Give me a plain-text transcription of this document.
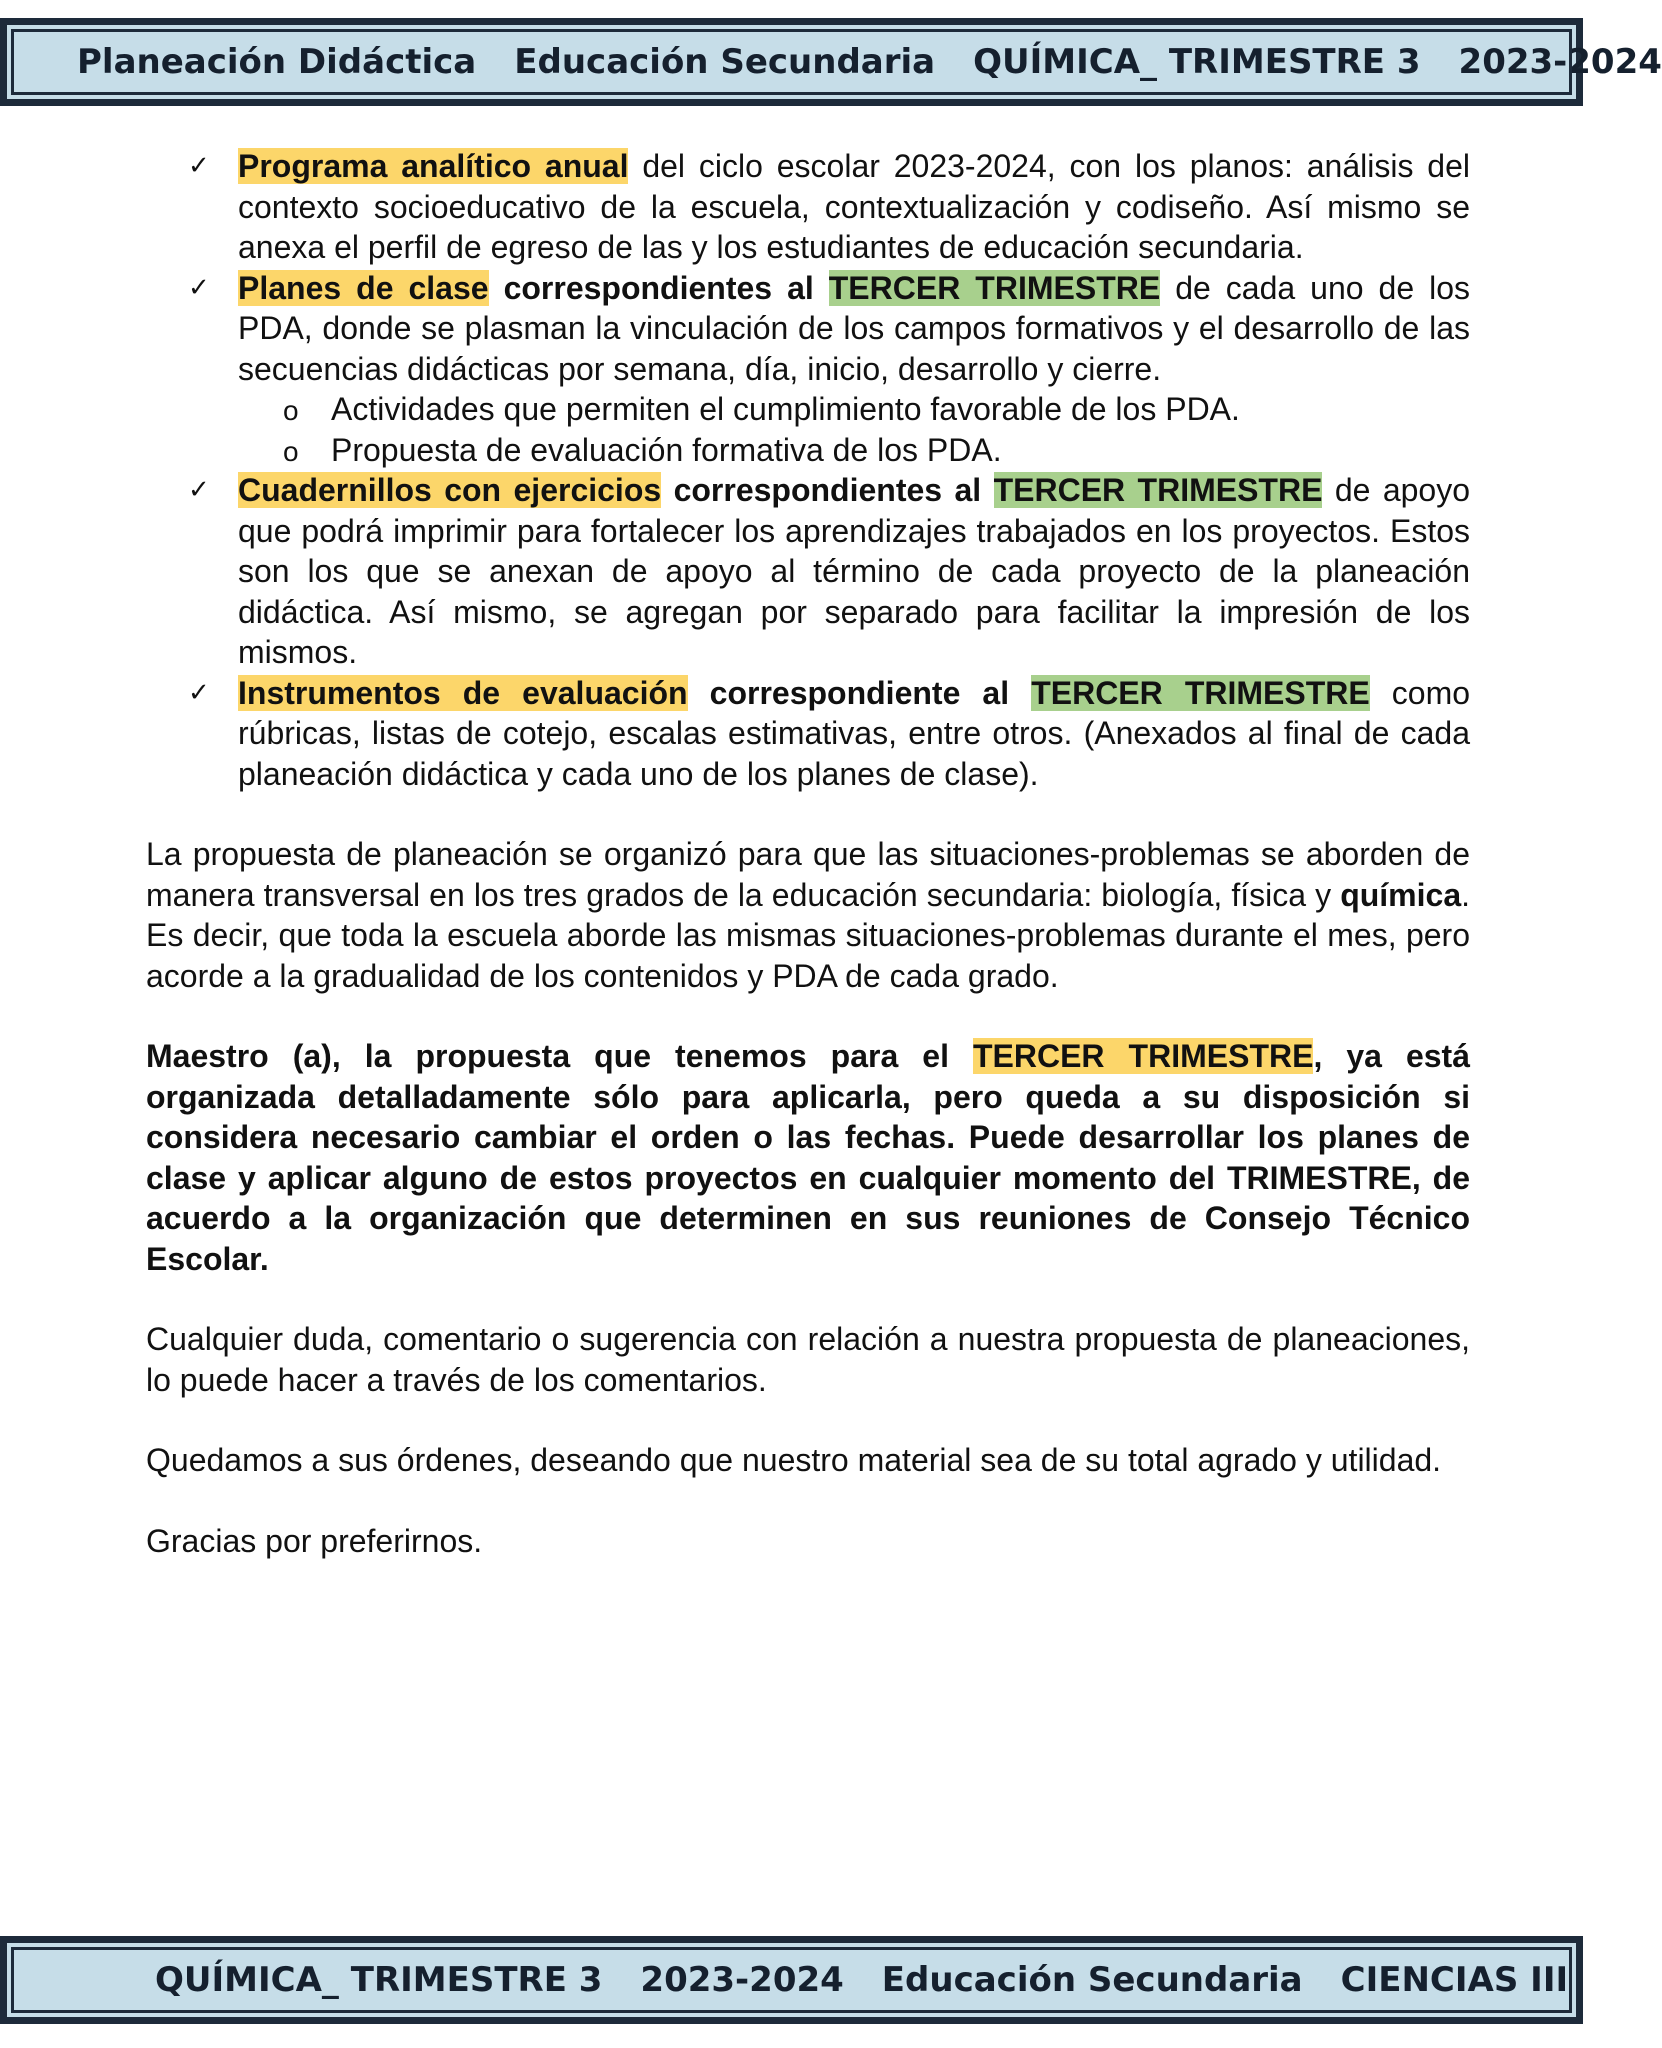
Planeación Didáctica Educación Secundaria QUÍMICA_ TRIMESTRE 3 2023-2024
✓ Programa analítico anual del ciclo escolar 2023-2024, con los planos: análisis del contexto socioeducativo de la escuela, contextualización y codiseño. Así mismo se anexa el perfil de egreso de las y los estudiantes de educación secundaria.
✓ Planes de clase correspondientes al TERCER TRIMESTRE de cada uno de los PDA, donde se plasman la vinculación de los campos formativos y el desarrollo de las secuencias didácticas por semana, día, inicio, desarrollo y cierre.
o Actividades que permiten el cumplimiento favorable de los PDA.
o Propuesta de evaluación formativa de los PDA.
✓ Cuadernillos con ejercicios correspondientes al TERCER TRIMESTRE de apoyo que podrá imprimir para fortalecer los aprendizajes trabajados en los proyectos. Estos son los que se anexan de apoyo al término de cada proyecto de la planeación didáctica. Así mismo, se agregan por separado para facilitar la impresión de los mismos.
✓ Instrumentos de evaluación correspondiente al TERCER TRIMESTRE como rúbricas, listas de cotejo, escalas estimativas, entre otros. (Anexados al final de cada planeación didáctica y cada uno de los planes de clase).

La propuesta de planeación se organizó para que las situaciones-problemas se aborden de manera transversal en los tres grados de la educación secundaria: biología, física y química. Es decir, que toda la escuela aborde las mismas situaciones-problemas durante el mes, pero acorde a la gradualidad de los contenidos y PDA de cada grado.

Maestro (a), la propuesta que tenemos para el TERCER TRIMESTRE, ya está organizada detalladamente sólo para aplicarla, pero queda a su disposición si considera necesario cambiar el orden o las fechas. Puede desarrollar los planes de clase y aplicar alguno de estos proyectos en cualquier momento del TRIMESTRE, de acuerdo a la organización que determinen en sus reuniones de Consejo Técnico Escolar.

Cualquier duda, comentario o sugerencia con relación a nuestra propuesta de planeaciones, lo puede hacer a través de los comentarios.

Quedamos a sus órdenes, deseando que nuestro material sea de su total agrado y utilidad.

Gracias por preferirnos.

QUÍMICA_ TRIMESTRE 3 2023-2024 Educación Secundaria CIENCIAS III
